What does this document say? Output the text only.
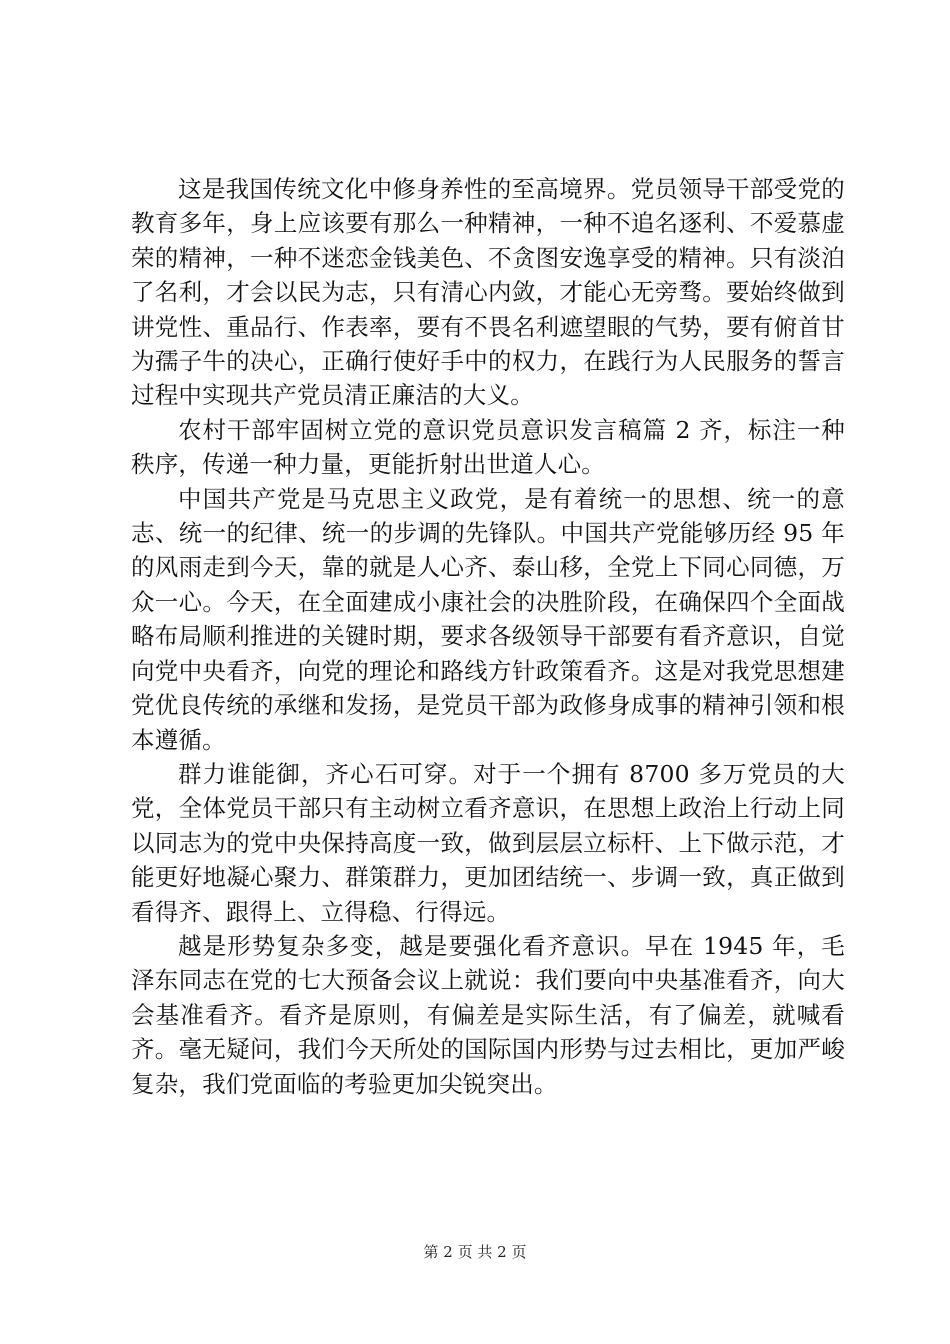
这是我国传统文化中修身养性的至高境界。党员领导干部受党的教育多年，身上应该要有那么一种精神，一种不追名逐利、不爱慕虚荣的精神，一种不迷恋金钱美色、不贪图安逸享受的精神。只有淡泊了名利，才会以民为志，只有清心内敛，才能心无旁骛。要始终做到讲党性、重品行、作表率，要有不畏名利遮望眼的气势，要有俯首甘为孺子牛的决心，正确行使好手中的权力，在践行为人民服务的誓言过程中实现共产党员清正廉洁的大义。

农村干部牢固树立党的意识党员意识发言稿篇 2 齐，标注一种秩序，传递一种力量，更能折射出世道人心。

中国共产党是马克思主义政党，是有着统一的思想、统一的意志、统一的纪律、统一的步调的先锋队。中国共产党能够历经 95 年的风雨走到今天，靠的就是人心齐、泰山移，全党上下同心同德，万众一心。今天，在全面建成小康社会的决胜阶段，在确保四个全面战略布局顺利推进的关键时期，要求各级领导干部要有看齐意识，自觉向党中央看齐，向党的理论和路线方针政策看齐。这是对我党思想建党优良传统的承继和发扬，是党员干部为政修身成事的精神引领和根本遵循。

群力谁能御，齐心石可穿。对于一个拥有 8700 多万党员的大党，全体党员干部只有主动树立看齐意识，在思想上政治上行动上同以同志为的党中央保持高度一致，做到层层立标杆、上下做示范，才能更好地凝心聚力、群策群力，更加团结统一、步调一致，真正做到看得齐、跟得上、立得稳、行得远。

越是形势复杂多变，越是要强化看齐意识。早在 1945 年，毛泽东同志在党的七大预备会议上就说：我们要向中央基准看齐，向大会基准看齐。看齐是原则，有偏差是实际生活，有了偏差，就喊看齐。毫无疑问，我们今天所处的国际国内形势与过去相比，更加严峻复杂，我们党面临的考验更加尖锐突出。

第 2 页 共 2 页
